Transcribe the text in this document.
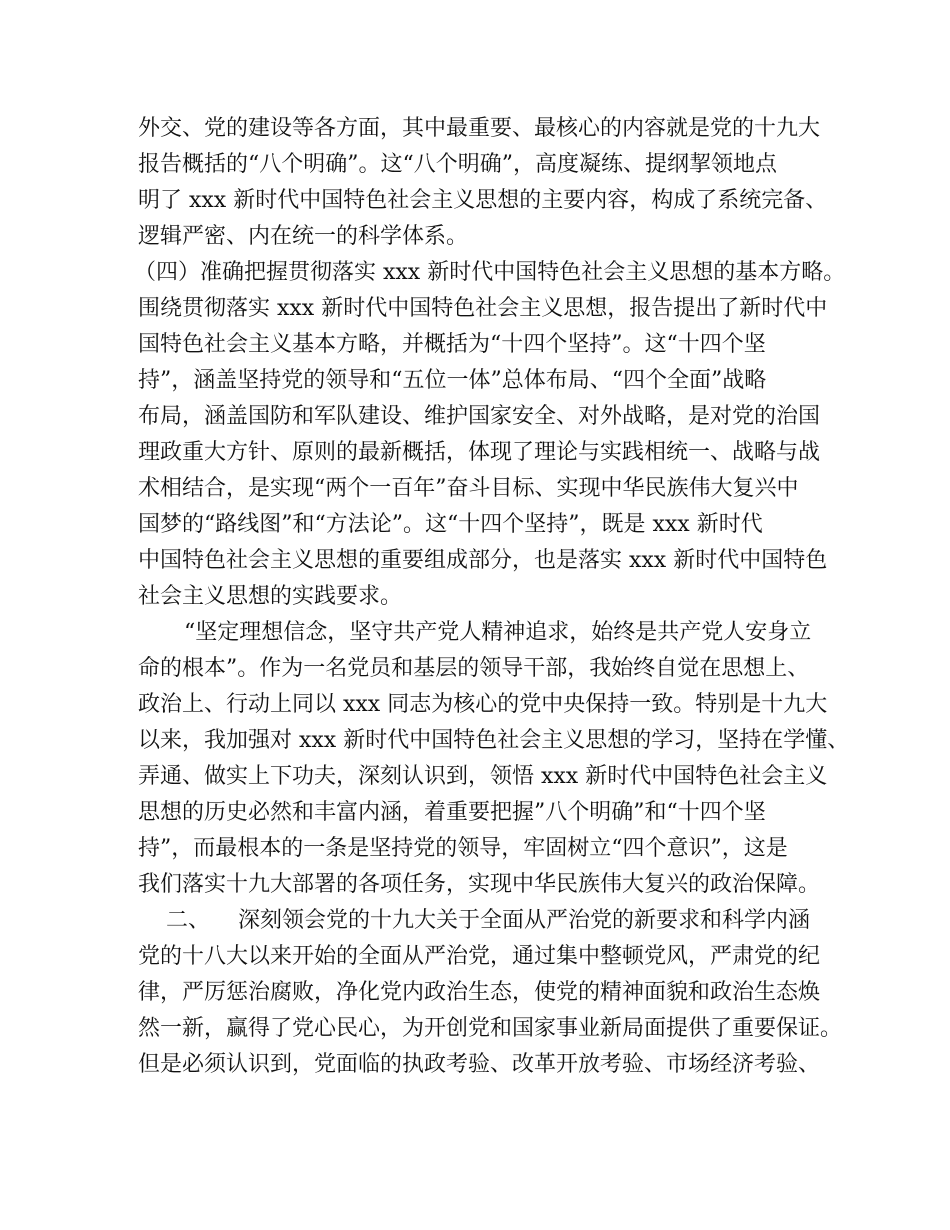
外交、党的建设等各方面，其中最重要、最核心的内容就是党的十九大
报告概括的“八个明确”。这“八个明确”，高度凝练、提纲挈领地点
明了 xxx 新时代中国特色社会主义思想的主要内容，构成了系统完备、
逻辑严密、内在统一的科学体系。
（四）准确把握贯彻落实 xxx 新时代中国特色社会主义思想的基本方略。
围绕贯彻落实 xxx 新时代中国特色社会主义思想，报告提出了新时代中
国特色社会主义基本方略，并概括为“十四个坚持”。这“十四个坚
持”，涵盖坚持党的领导和“五位一体”总体布局、“四个全面”战略
布局，涵盖国防和军队建设、维护国家安全、对外战略，是对党的治国
理政重大方针、原则的最新概括，体现了理论与实践相统一、战略与战
术相结合，是实现“两个一百年”奋斗目标、实现中华民族伟大复兴中
国梦的“路线图”和“方法论”。这“十四个坚持”，既是 xxx 新时代
中国特色社会主义思想的重要组成部分，也是落实 xxx 新时代中国特色
社会主义思想的实践要求。
“坚定理想信念，坚守共产党人精神追求，始终是共产党人安身立
命的根本”。作为一名党员和基层的领导干部，我始终自觉在思想上、
政治上、行动上同以 xxx 同志为核心的党中央保持一致。特别是十九大
以来，我加强对 xxx 新时代中国特色社会主义思想的学习，坚持在学懂、
弄通、做实上下功夫，深刻认识到，领悟 xxx 新时代中国特色社会主义
思想的历史必然和丰富内涵，着重要把握”八个明确”和“十四个坚
持”，而最根本的一条是坚持党的领导，牢固树立“四个意识”，这是
我们落实十九大部署的各项任务，实现中华民族伟大复兴的政治保障。
二、 深刻领会党的十九大关于全面从严治党的新要求和科学内涵
党的十八大以来开始的全面从严治党，通过集中整顿党风，严肃党的纪
律，严厉惩治腐败，净化党内政治生态，使党的精神面貌和政治生态焕
然一新，赢得了党心民心，为开创党和国家事业新局面提供了重要保证。
但是必须认识到，党面临的执政考验、改革开放考验、市场经济考验、
